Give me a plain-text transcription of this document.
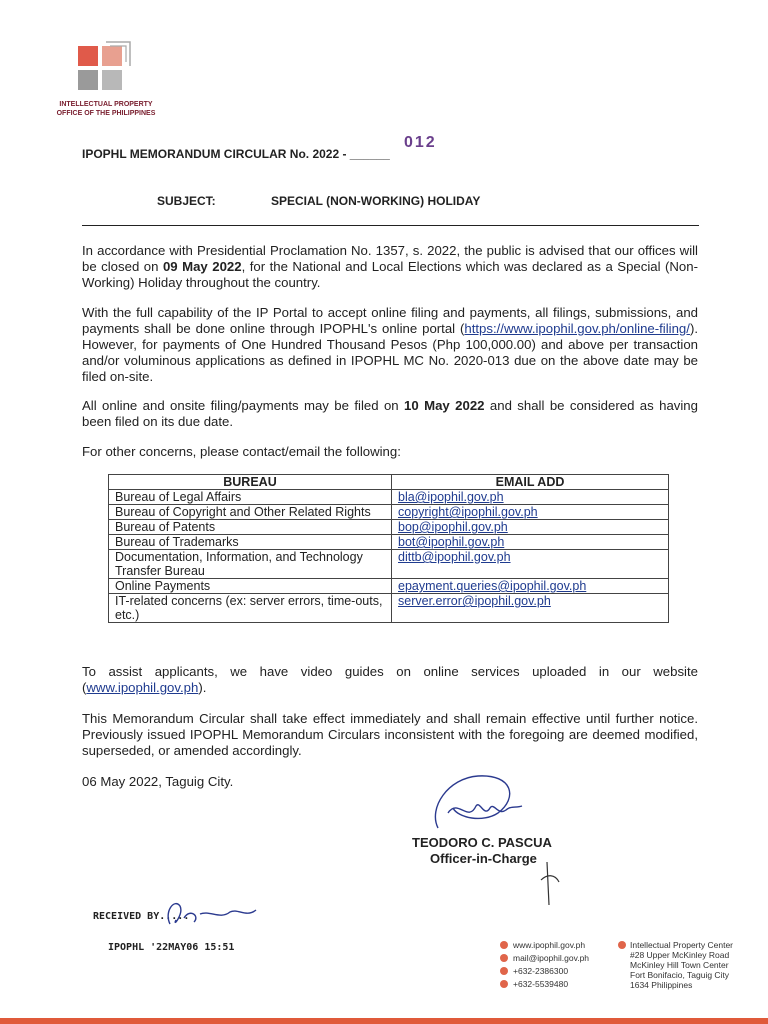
INTELLECTUAL PROPERTY
OFFICE OF THE PHILIPPINES
IPOPHL MEMORANDUM CIRCULAR No. 2022 - ______
012
SUBJECT:	SPECIAL (NON-WORKING) HOLIDAY
In accordance with Presidential Proclamation No. 1357, s. 2022, the public is advised that our offices will be closed on 09 May 2022, for the National and Local Elections which was declared as a Special (Non-Working) Holiday throughout the country.
With the full capability of the IP Portal to accept online filing and payments, all filings, submissions, and payments shall be done online through IPOPHL's online portal (https://www.ipophil.gov.ph/online-filing/). However, for payments of One Hundred Thousand Pesos (Php 100,000.00) and above per transaction and/or voluminous applications as defined in IPOPHL MC No. 2020-013 due on the above date may be filed on-site.
All online and onsite filing/payments may be filed on 10 May 2022 and shall be considered as having been filed on its due date.
For other concerns, please contact/email the following:
BUREAU	EMAIL ADD
Bureau of Legal Affairs	bla@ipophil.gov.ph
Bureau of Copyright and Other Related Rights	copyright@ipophil.gov.ph
Bureau of Patents	bop@ipophil.gov.ph
Bureau of Trademarks	bot@ipophil.gov.ph
Documentation, Information, and Technology Transfer Bureau	dittb@ipophil.gov.ph
Online Payments	epayment.queries@ipophil.gov.ph
IT-related concerns (ex: server errors, time-outs, etc.)	server.error@ipophil.gov.ph
To assist applicants, we have video guides on online services uploaded in our website (www.ipophil.gov.ph).
This Memorandum Circular shall take effect immediately and shall remain effective until further notice. Previously issued IPOPHL Memorandum Circulars inconsistent with the foregoing are deemed modified, superseded, or amended accordingly.
06 May 2022, Taguig City.
TEODORO C. PASCUA
Officer-in-Charge
RECEIVED BY.....
IPOPHL '22MAY06 15:51	www.ipophil.gov.ph
mail@ipophil.gov.ph
+632-2386300
+632-5539480
Intellectual Property Center
#28 Upper McKinley Road
McKinley Hill Town Center
Fort Bonifacio, Taguig City
1634 Philippines
